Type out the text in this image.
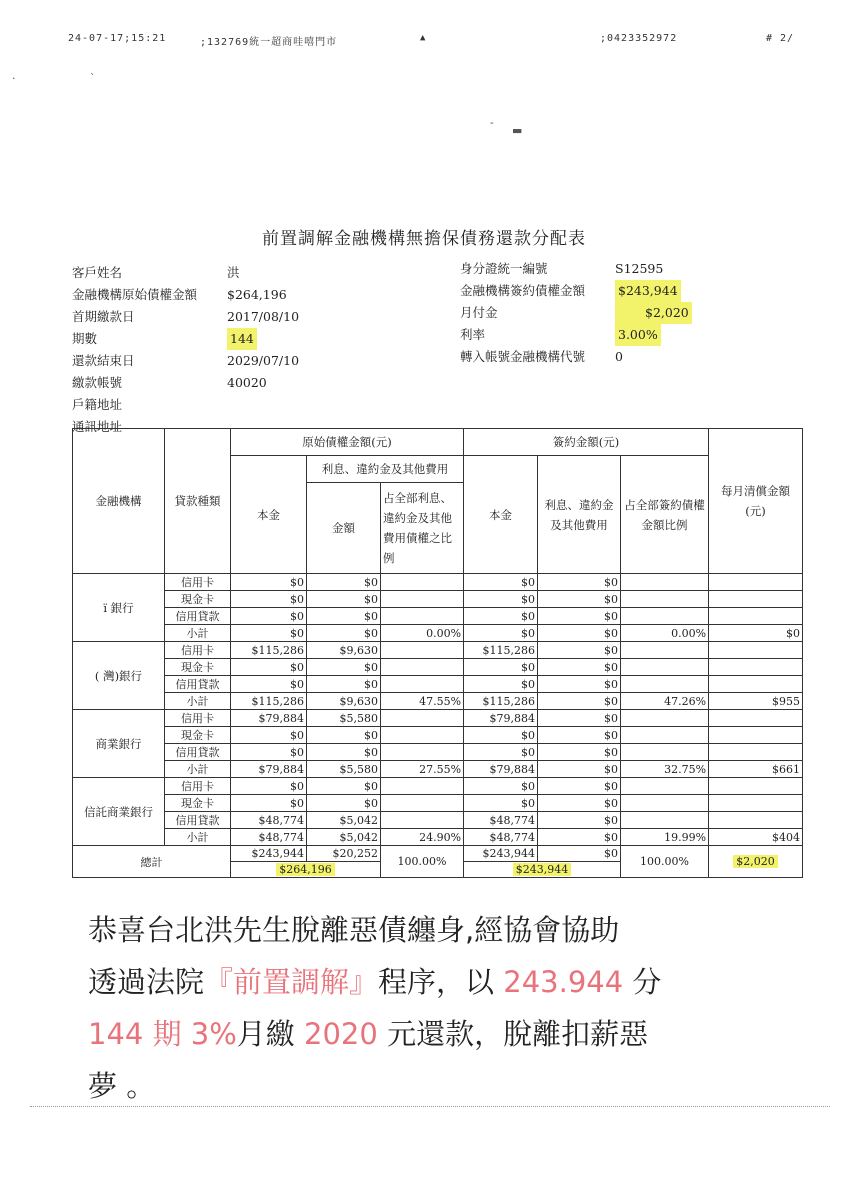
24-07-17;15:21	;132769統一超商哇嘻門市	▲	;0423352972	# 2/
·	`
-
▬
前置調解金融機構無擔保債務還款分配表
客戶姓名	洪
金融機構原始債權金額	$264,196
首期繳款日	2017/08/10
期數	144
還款結束日	2029/07/10
繳款帳號	40020
戶籍地址
通訊地址
身分證統一編號	S12595
金融機構簽約債權金額	$243,944
月付金	$2,020
利率	3.00%
轉入帳號金融機構代號	0
金融機構	貸款種類	原始債權金額(元)			簽約金額(元)			每月清償金額(元)
		本金	利息、違約金及其他費用		本金	利息、違約金及其他費用	占全部簽約債權金額比例	
			金額	占全部利息、違約金及其他費用債權之比例				
ï 銀行	信用卡	$0	$0		$0	$0		
	現金卡	$0	$0		$0	$0		
	信用貸款	$0	$0		$0	$0		
	小計	$0	$0	0.00%	$0	$0	0.00%	$0
( 灣)銀行	信用卡	$115,286	$9,630		$115,286	$0		
	現金卡	$0	$0		$0	$0		
	信用貸款	$0	$0		$0	$0		
	小計	$115,286	$9,630	47.55%	$115,286	$0	47.26%	$955
商業銀行	信用卡	$79,884	$5,580		$79,884	$0		
	現金卡	$0	$0		$0	$0		
	信用貸款	$0	$0		$0	$0		
	小計	$79,884	$5,580	27.55%	$79,884	$0	32.75%	$661
信託商業銀行	信用卡	$0	$0		$0	$0		
	現金卡	$0	$0		$0	$0		
	信用貸款	$48,774	$5,042		$48,774	$0		
	小計	$48,774	$5,042	24.90%	$48,774	$0	19.99%	$404
總計		$243,944	$20,252	100.00%	$243,944	$0	100.00%	$2,020
		$264,196			$243,944			
恭喜台北洪先生脫離惡債纏身,經協會協助
透過法院『前置調解』程序，以 243.944 分
144 期 3%月繳 2020 元還款，脫離扣薪惡
夢 。
